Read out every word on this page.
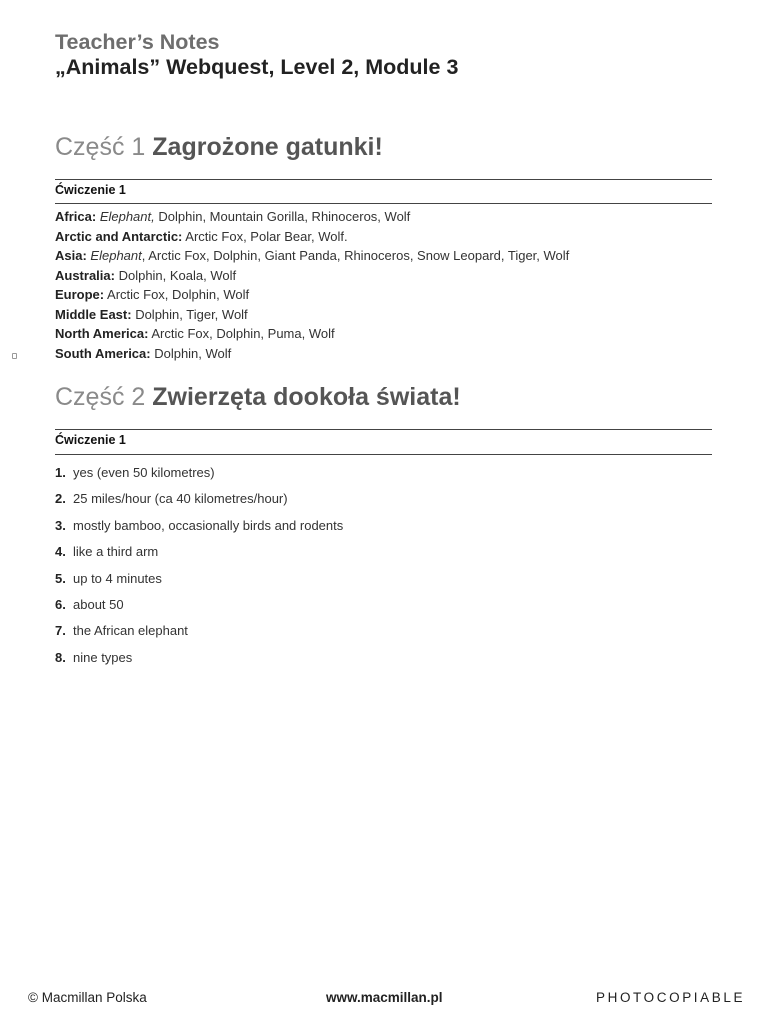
Teacher’s Notes
„Animals” Webquest, Level 2, Module 3
Część 1 Zagrożone gatunki!
Ćwiczenie 1
Africa: Elephant, Dolphin, Mountain Gorilla, Rhinoceros, Wolf
Arctic and Antarctic: Arctic Fox, Polar Bear, Wolf.
Asia: Elephant, Arctic Fox, Dolphin, Giant Panda, Rhinoceros, Snow Leopard, Tiger, Wolf
Australia: Dolphin, Koala, Wolf
Europe: Arctic Fox, Dolphin, Wolf
Middle East: Dolphin, Tiger, Wolf
North America: Arctic Fox, Dolphin, Puma, Wolf
South America: Dolphin, Wolf
Część 2 Zwierzęta dookoła świata!
Ćwiczenie 1
1. yes (even 50 kilometres)
2. 25 miles/hour (ca 40 kilometres/hour)
3. mostly bamboo, occasionally birds and rodents
4. like a third arm
5. up to 4 minutes
6. about 50
7. the African elephant
8. nine types
© Macmillan Polska	www.macmillan.pl	PHOTOCOPIABLE
